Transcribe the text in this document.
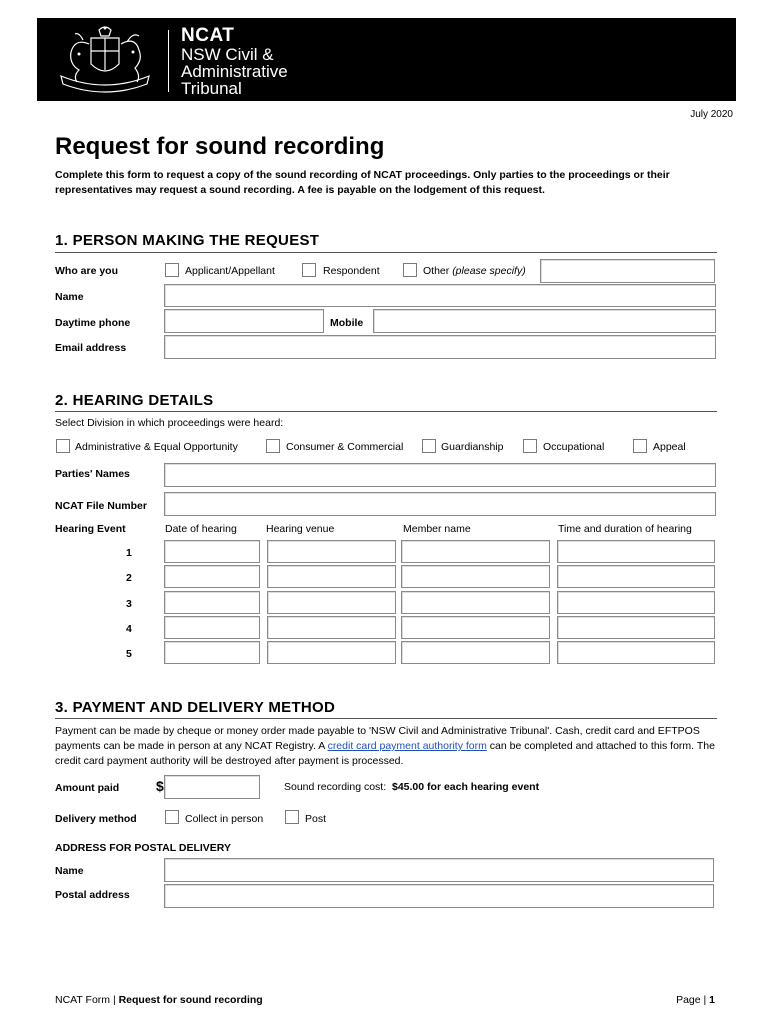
NCAT
NSW Civil &
Administrative
Tribunal
July 2020
Request for sound recording
Complete this form to request a copy of the sound recording of NCAT proceedings. Only parties to the proceedings or their representatives may request a sound recording. A fee is payable on the lodgement of this request.
1. PERSON MAKING THE REQUEST
Who are you	Applicant/Appellant	Respondent	Other (please specify)
Name
Daytime phone	Mobile
Email address
2. HEARING DETAILS
Select Division in which proceedings were heard:
Administrative & Equal Opportunity	Consumer & Commercial	Guardianship	Occupational	Appeal
Parties' Names
NCAT File Number
Hearing Event	Date of hearing	Hearing venue	Member name	Time and duration of hearing
1
2
3
4
5
3. PAYMENT AND DELIVERY METHOD
Payment can be made by cheque or money order made payable to 'NSW Civil and Administrative Tribunal'. Cash, credit card and EFTPOS payments can be made in person at any NCAT Registry. A credit card payment authority form can be completed and attached to this form. The credit card payment authority will be destroyed after payment is processed.
Amount paid	$	Sound recording cost: $45.00 for each hearing event
Delivery method	Collect in person	Post
ADDRESS FOR POSTAL DELIVERY
Name
Postal address
NCAT Form | Request for sound recording	Page | 1
